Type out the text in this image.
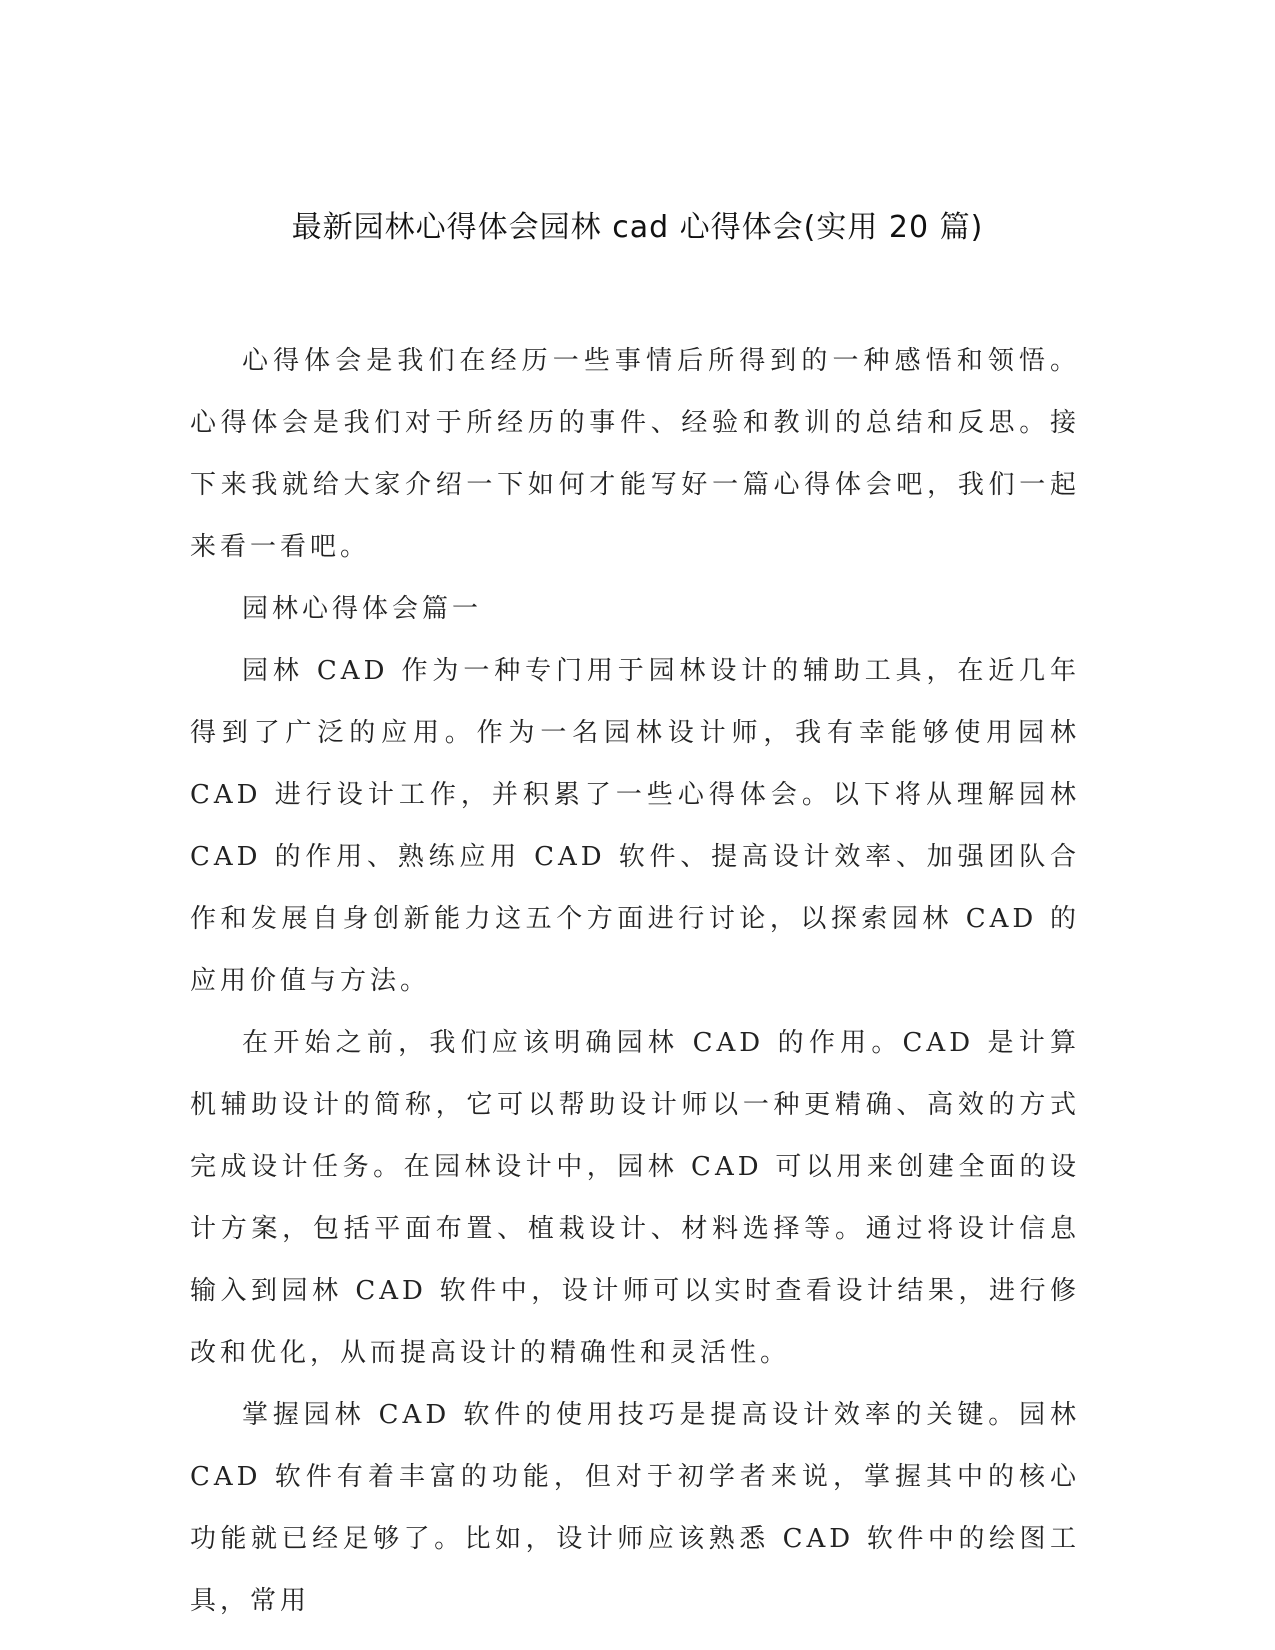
最新园林心得体会园林 cad 心得体会(实用 20 篇)

心得体会是我们在经历一些事情后所得到的一种感悟和领悟。心得体会是我们对于所经历的事件、经验和教训的总结和反思。接下来我就给大家介绍一下如何才能写好一篇心得体会吧，我们一起来看一看吧。

园林心得体会篇一

园林 CAD 作为一种专门用于园林设计的辅助工具，在近几年得到了广泛的应用。作为一名园林设计师，我有幸能够使用园林 CAD 进行设计工作，并积累了一些心得体会。以下将从理解园林 CAD 的作用、熟练应用 CAD 软件、提高设计效率、加强团队合作和发展自身创新能力这五个方面进行讨论，以探索园林 CAD 的应用价值与方法。

在开始之前，我们应该明确园林 CAD 的作用。CAD 是计算机辅助设计的简称，它可以帮助设计师以一种更精确、高效的方式完成设计任务。在园林设计中，园林 CAD 可以用来创建全面的设计方案，包括平面布置、植栽设计、材料选择等。通过将设计信息输入到园林 CAD 软件中，设计师可以实时查看设计结果，进行修改和优化，从而提高设计的精确性和灵活性。

掌握园林 CAD 软件的使用技巧是提高设计效率的关键。园林 CAD 软件有着丰富的功能，但对于初学者来说，掌握其中的核心功能就已经足够了。比如，设计师应该熟悉 CAD 软件中的绘图工具，常用
